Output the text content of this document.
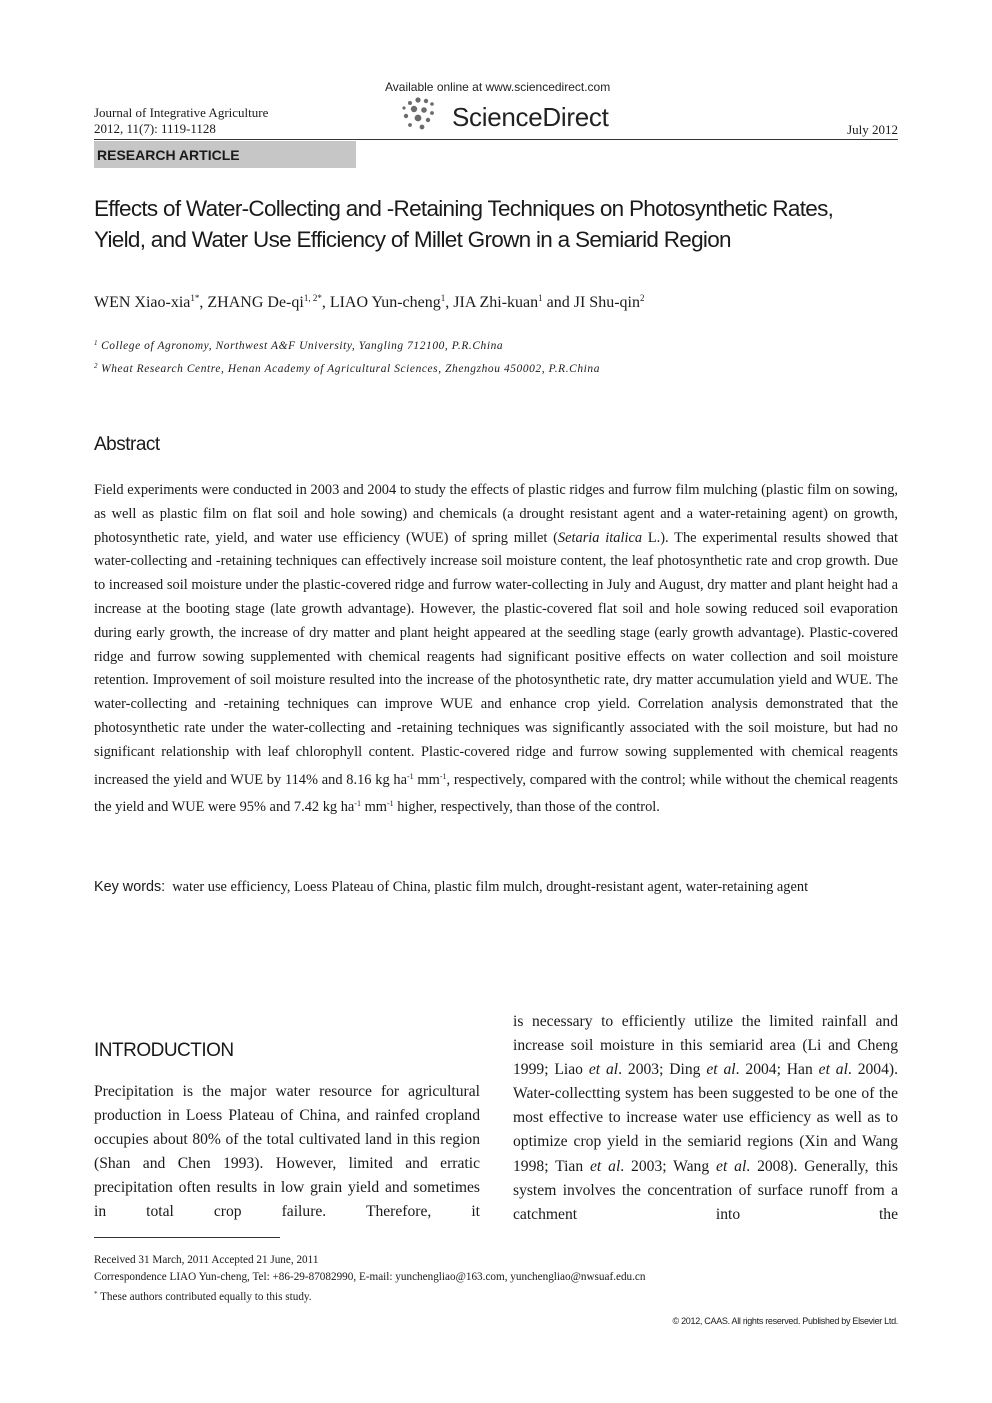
Journal of Integrative Agriculture
2012, 11(7): 1119-1128
Available online at www.sciencedirect.com
ScienceDirect	July 2012
RESEARCH ARTICLE
Effects of Water-Collecting and -Retaining Techniques on Photosynthetic Rates,
Yield, and Water Use Efficiency of Millet Grown in a Semiarid Region
WEN Xiao-xia$^{1*}$, ZHANG $De-qi^{1, 2*}$, LIAO Yun-cheng$^1$, JIA Zhi-kuan$^1$ and JI Shu-qin$^2$
$^1$ College of Agronomy, Northwest A&F University, Yangling 712100, P.R.China
$^2$ Wheat Research Centre, Henan Academy of Agricultural Sciences, Zhengzhou 450002, P.R.China
Abstract

Field experiments were conducted in 2003 and 2004 to study the effects of plastic ridges and furrow film mulching (plastic film on sowing, as well as plastic film on flat soil and hole sowing) and chemicals (a drought resistant agent and a water-retaining agent) on growth, photosynthetic rate, yield, and water use efficiency (WUE) of spring millet (Setaria italica L.). The experimental results showed that water-collecting and -retaining techniques can effectively increase soil moisture content, the leaf photosynthetic rate and crop growth. Due to increased soil moisture under the plastic-covered ridge and furrow water-collecting in July and August, dry matter and plant height had a increase at the booting stage (late growth advantage). However, the plastic-covered flat soil and hole sowing reduced soil evaporation during early growth, the increase of dry matter and plant height appeared at the seedling stage (early growth advantage). Plastic-covered ridge and furrow sowing supplemented with chemical reagents had significant positive effects on water collection and soil moisture retention. Improvement of soil moisture resulted into the increase of the photosynthetic rate, dry matter accumulation yield and WUE. The water-collecting and -retaining techniques can improve WUE and enhance crop yield. Correlation analysis demonstrated that the photosynthetic rate under the water-collecting and -retaining techniques was significantly associated with the soil moisture, but had no significant relationship with leaf chlorophyll content. Plastic-covered ridge and furrow sowing supplemented with chemical reagents increased the yield and WUE by 114% and 8.16 kg $ha^{-1}$ $mm^{-1}$, respectively, compared with the control; while without the chemical reagents the yield and WUE were 95% and 7.42 kg $ha^{-1}$ $mm^{-1}$ higher, respectively, than those of the control.

Key words: water use efficiency, Loess Plateau of China, plastic film mulch, drought-resistant agent, water-retaining agent
INTRODUCTION

Precipitation is the major water resource for agricultural production in Loess Plateau of China, and rainfed cropland occupies about 80% of the total cultivated land in this region (Shan and Chen 1993). However, limited and erratic precipitation often results in low grain yield and sometimes in total crop failure. Therefore, it

is necessary to efficiently utilize the limited rainfall and increase soil moisture in this semiarid area (Li and Cheng 1999; Liao et al. 2003; Ding et al. 2004; Han et al. 2004). Water-collectting system has been suggested to be one of the most effective to increase water use efficiency as well as to optimize crop yield in the semiarid regions (Xin and Wang 1998; Tian et al. 2003; Wang et al. 2008). Generally, this system involves the concentration of surface runoff from a catchment into the

Received 31 March, 2011 Accepted 21 June, 2011
Correspondence LIAO Yun-cheng, Tel: +86-29-87082990, E-mail: yunchengliao@163.com, yunchengliao@nwsuaf.edu.cn
* These authors contributed equally to this study.
© 2012, CAAS. All rights reserved. Published by Elsevier Ltd.
